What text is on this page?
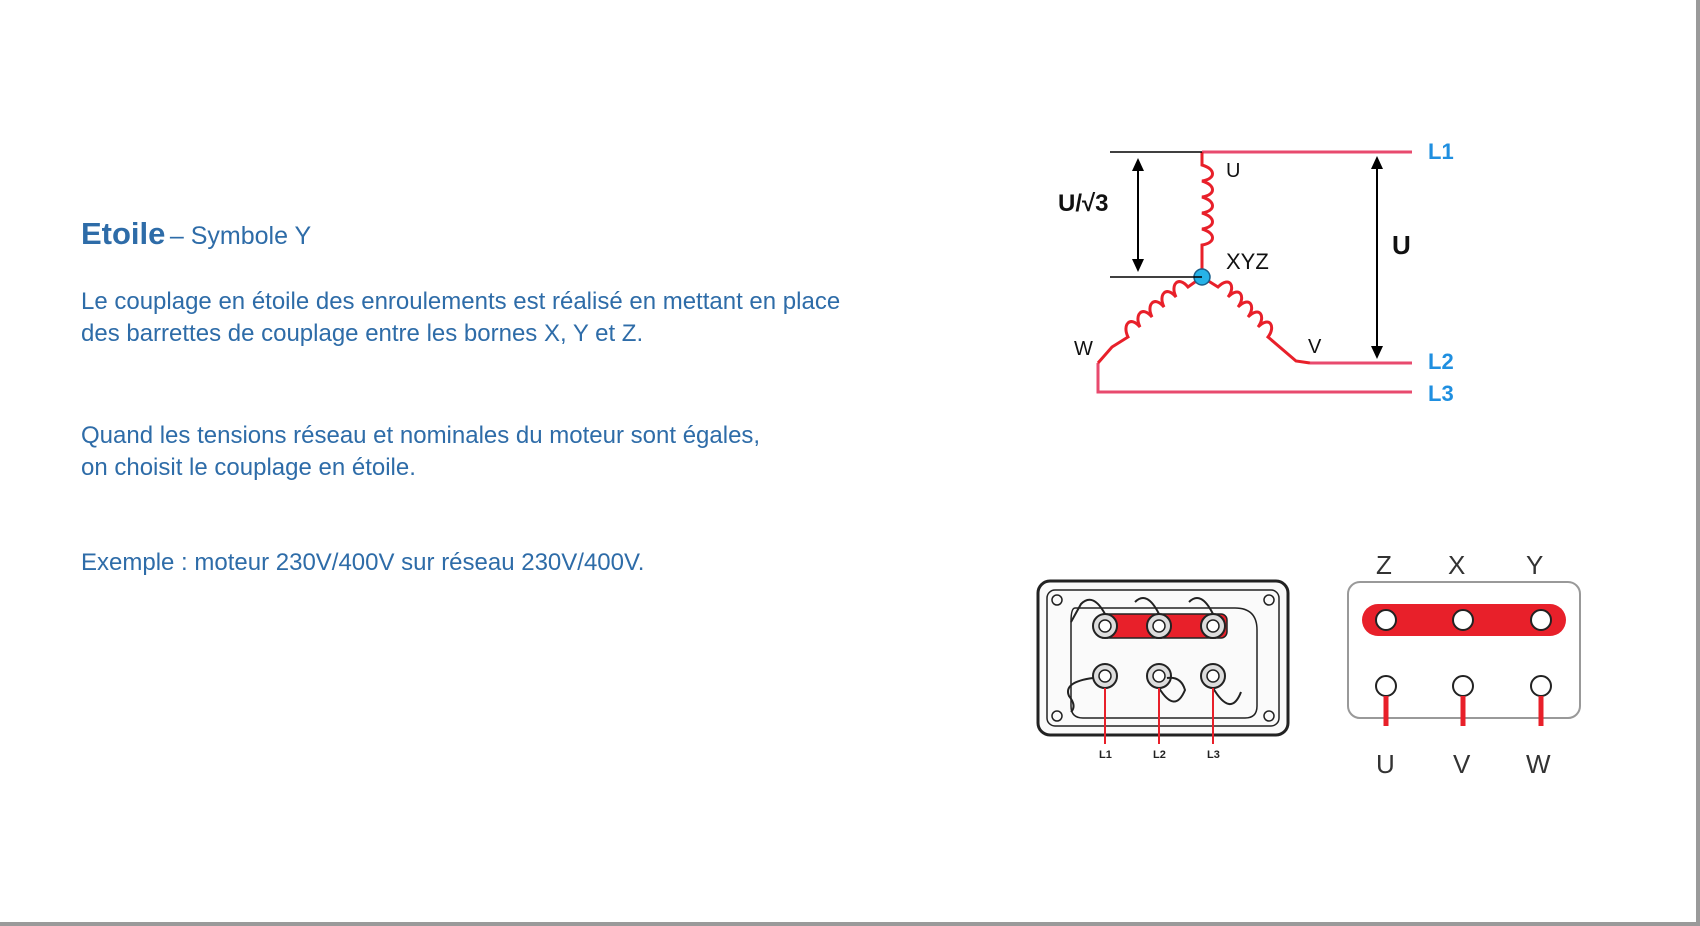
Etoile – Symbole Y
Le couplage en étoile des enroulements est réalisé en mettant en place
des barrettes de couplage entre les bornes X, Y et Z.
Quand les tensions réseau et nominales du moteur sont égales,
on choisit le couplage en étoile.
Exemple : moteur 230V/400V sur réseau 230V/400V.
L1
L2
L3
U
XYZ
W	V
U/√3
U
L1	L2	L3
Z X Y
U V W
